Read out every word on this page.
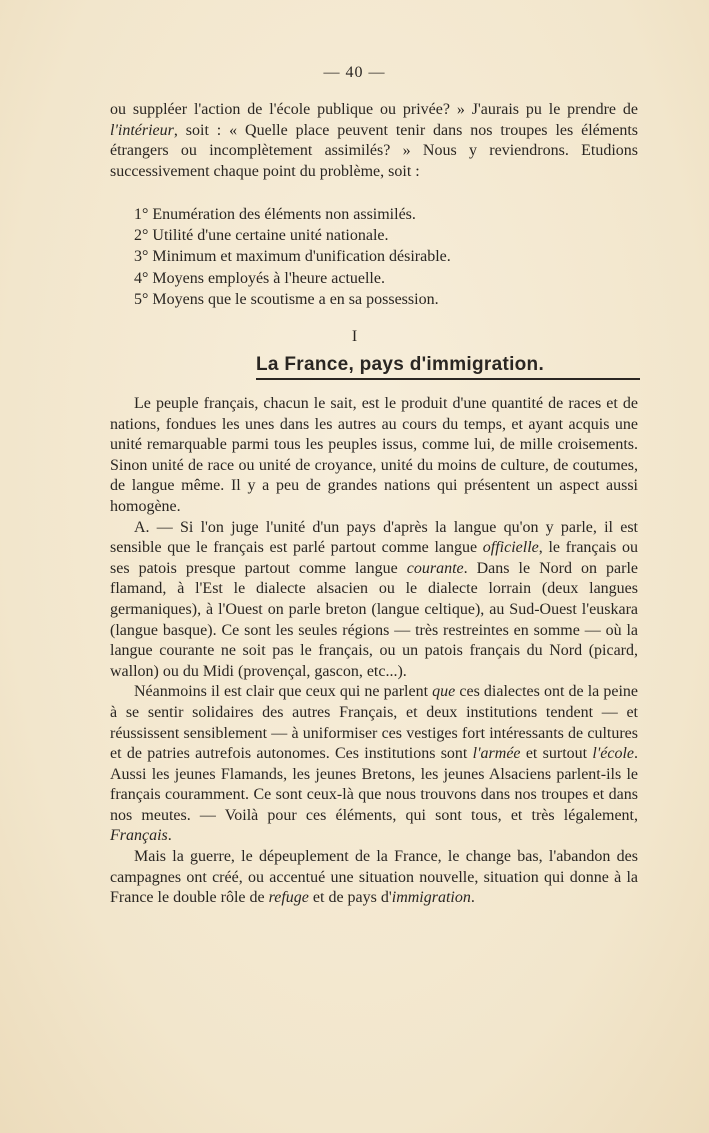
— 40 —
ou suppléer l'action de l'école publique ou privée? » J'aurais pu le prendre de l'intérieur, soit : « Quelle place peuvent tenir dans nos troupes les éléments étrangers ou incomplètement assimilés? » Nous y reviendrons. Etudions successivement chaque point du problème, soit :
1° Enumération des éléments non assimilés.
2° Utilité d'une certaine unité nationale.
3° Minimum et maximum d'unification désirable.
4° Moyens employés à l'heure actuelle.
5° Moyens que le scoutisme a en sa possession.
I
La France, pays d'immigration.

Le peuple français, chacun le sait, est le produit d'une quantité de races et de nations, fondues les unes dans les autres au cours du temps, et ayant acquis une unité remarquable parmi tous les peuples issus, comme lui, de mille croisements. Sinon unité de race ou unité de croyance, unité du moins de culture, de coutumes, de langue même. Il y a peu de grandes nations qui présentent un aspect aussi homogène.

A. — Si l'on juge l'unité d'un pays d'après la langue qu'on y parle, il est sensible que le français est parlé partout comme langue officielle, le français ou ses patois presque partout comme langue courante. Dans le Nord on parle flamand, à l'Est le dialecte alsacien ou le dialecte lorrain (deux langues germaniques), à l'Ouest on parle breton (langue celtique), au Sud-Ouest l'euskara (langue basque). Ce sont les seules régions — très restreintes en somme — où la langue courante ne soit pas le français, ou un patois français du Nord (picard, wallon) ou du Midi (provençal, gascon, etc...).

Néanmoins il est clair que ceux qui ne parlent que ces dialectes ont de la peine à se sentir solidaires des autres Français, et deux institutions tendent — et réussissent sensiblement — à uniformiser ces vestiges fort intéressants de cultures et de patries autrefois autonomes. Ces institutions sont l'armée et surtout l'école. Aussi les jeunes Flamands, les jeunes Bretons, les jeunes Alsaciens parlent-ils le français couramment. Ce sont ceux-là que nous trouvons dans nos troupes et dans nos meutes. — Voilà pour ces éléments, qui sont tous, et très légalement, Français.

Mais la guerre, le dépeuplement de la France, le change bas, l'abandon des campagnes ont créé, ou accentué une situation nouvelle, situation qui donne à la France le double rôle de refuge et de pays d'immigration.
